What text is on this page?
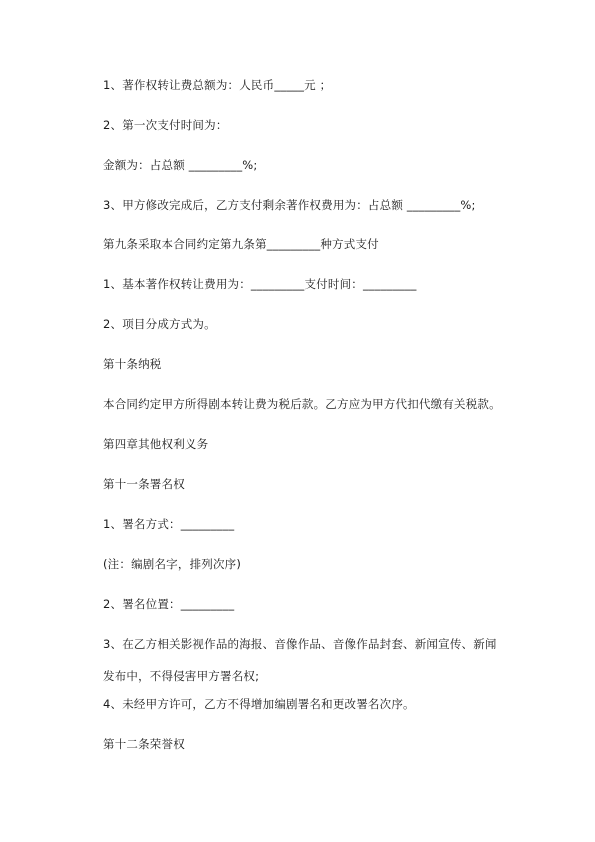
1、著作权转让费总额为：人民币_____元 ；
2、第一次支付时间为：
金额为：占总额 _________%;
3、甲方修改完成后，乙方支付剩余著作权费用为：占总额 _________%;
第九条采取本合同约定第九条第_________种方式支付
1、基本著作权转让费用为：_________支付时间：_________
2、项目分成方式为。
第十条纳税
本合同约定甲方所得剧本转让费为税后款。乙方应为甲方代扣代缴有关税款。
第四章其他权利义务
第十一条署名权
1、署名方式：_________
(注：编剧名字，排列次序)
2、署名位置：_________
3、在乙方相关影视作品的海报、音像作品、音像作品封套、新闻宣传、新闻发布中，不得侵害甲方署名权;
4、未经甲方许可，乙方不得增加编剧署名和更改署名次序。
第十二条荣誉权
